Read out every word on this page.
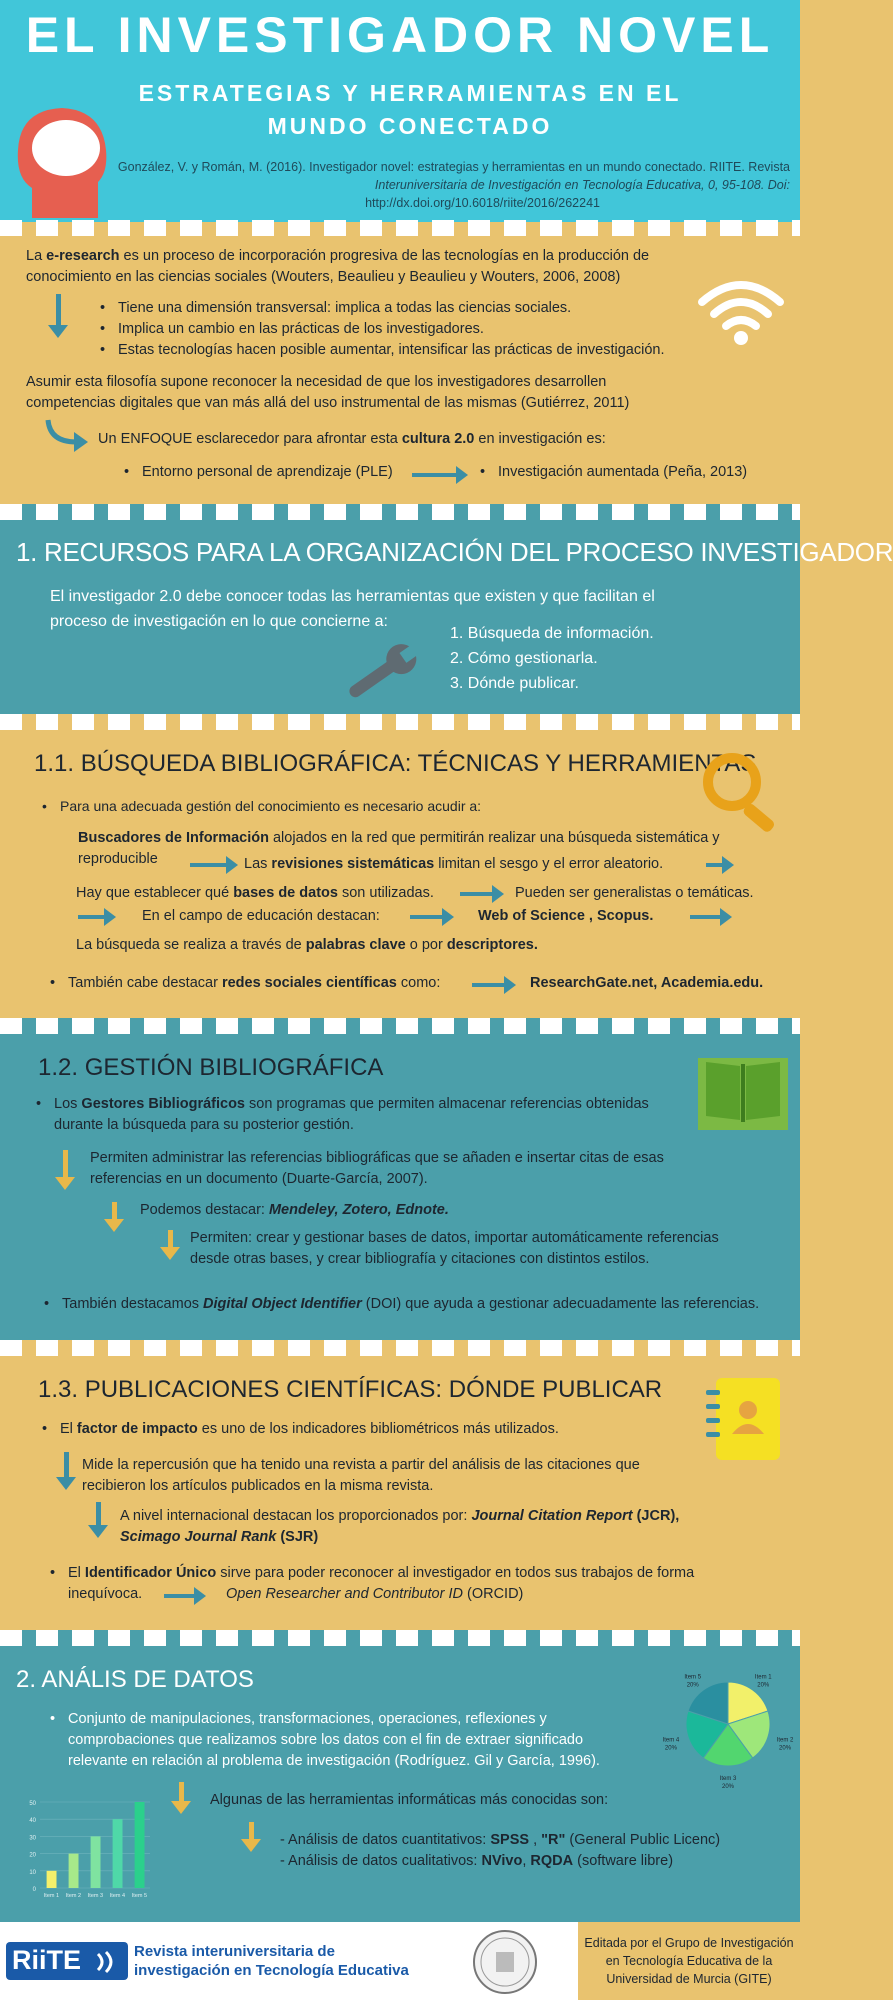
EL INVESTIGADOR NOVEL
ESTRATEGIAS Y HERRAMIENTAS EN EL
MUNDO CONECTADO
González, V. y Román, M. (2016). Investigador novel: estrategias y herramientas en un mundo conectado. RIITE. Revista
Interuniversitaria de Investigación en Tecnología Educativa, 0, 95-108. Doi:
http://dx.doi.org/10.6018/riite/2016/262241
La e-research es un proceso de incorporación progresiva de las tecnologías en la producción de
conocimiento en las ciencias sociales (Wouters, Beaulieu y Beaulieu y Wouters, 2006, 2008)
• Tiene una dimensión transversal: implica a todas las ciencias sociales.
• Implica un cambio en las prácticas de los investigadores.
• Estas tecnologías hacen posible aumentar, intensificar las prácticas de investigación.
Asumir esta filosofía supone reconocer la necesidad de que los investigadores desarrollen
competencias digitales que van más allá del uso instrumental de las mismas (Gutiérrez, 2011)
Un ENFOQUE esclarecedor para afrontar esta cultura 2.0 en investigación es:
• Entorno personal de aprendizaje (PLE)
•	Investigación aumentada (Peña, 2013)
1. RECURSOS PARA LA ORGANIZACIÓN DEL PROCESO INVESTIGADOR
El investigador 2.0 debe conocer todas las herramientas que existen y que facilitan el
proceso de investigación en lo que concierne a:
1. Búsqueda de información.
2. Cómo gestionarla.
3. Dónde publicar.
1.1. BÚSQUEDA BIBLIOGRÁFICA: TÉCNICAS Y HERRAMIENTAS
• Para una adecuada gestión del conocimiento es necesario acudir a:
Buscadores de Información alojados en la red que permitirán realizar una búsqueda sistemática y
reproducible	Las revisiones sistemáticas limitan el sesgo y el error aleatorio.
Hay que establecer qué bases de datos son utilizadas.	Pueden ser generalistas o temáticas.
En el campo de educación destacan:	Web of Science , Scopus.
La búsqueda se realiza a través de palabras clave o por descriptores.
• También cabe destacar redes sociales científicas como:	ResearchGate.net, Academia.edu.
1.2. GESTIÓN BIBLIOGRÁFICA
• Los Gestores Bibliográficos son programas que permiten almacenar referencias obtenidas
durante la búsqueda para su posterior gestión.
Permiten administrar las referencias bibliográficas que se añaden e insertar citas de esas
referencias en un documento (Duarte-García, 2007).
Podemos destacar: Mendeley, Zotero, Ednote.
Permiten: crear y gestionar bases de datos, importar automáticamente referencias
desde otras bases, y crear bibliografía y citaciones con distintos estilos.
• También destacamos Digital Object Identifier (DOI) que ayuda a gestionar adecuadamente las referencias.
1.3. PUBLICACIONES CIENTÍFICAS: DÓNDE PUBLICAR
• El factor de impacto es uno de los indicadores bibliométricos más utilizados.
Mide la repercusión que ha tenido una revista a partir del análisis de las citaciones que
recibieron los artículos publicados en la misma revista.
A nivel internacional destacan los proporcionados por: Journal Citation Report (JCR),
Scimago Journal Rank (SJR)
• El Identificador Único sirve para poder reconocer al investigador en todos sus trabajos de forma
inequívoca.	Open Researcher and Contributor ID (ORCID)
2. ANÁLIS DE DATOS
• Conjunto de manipulaciones, transformaciones, operaciones, reflexiones y
comprobaciones que realizamos sobre los datos con el fin de extraer significado
relevante en relación al problema de investigación (Rodríguez. Gil y García, 1996).
Algunas de las herramientas informáticas más conocidas son:
- Análisis de datos cuantitativos: SPSS , "R" (General Public Licenc)
- Análisis de datos cualitativos: NVivo, RQDA (software libre)
0
10
20
30
40
50
Item 1 Item 2 Item 3 Item 4 Item 5
Item 1
20%
Item 2
20%
Item 3
20%
Item 4
20%
Item 5
20%
RiiTE	Revista interuniversitaria de
investigación en Tecnología Educativa
Editada por el Grupo de Investigación
en Tecnología Educativa de la
Universidad de Murcia (GITE)
